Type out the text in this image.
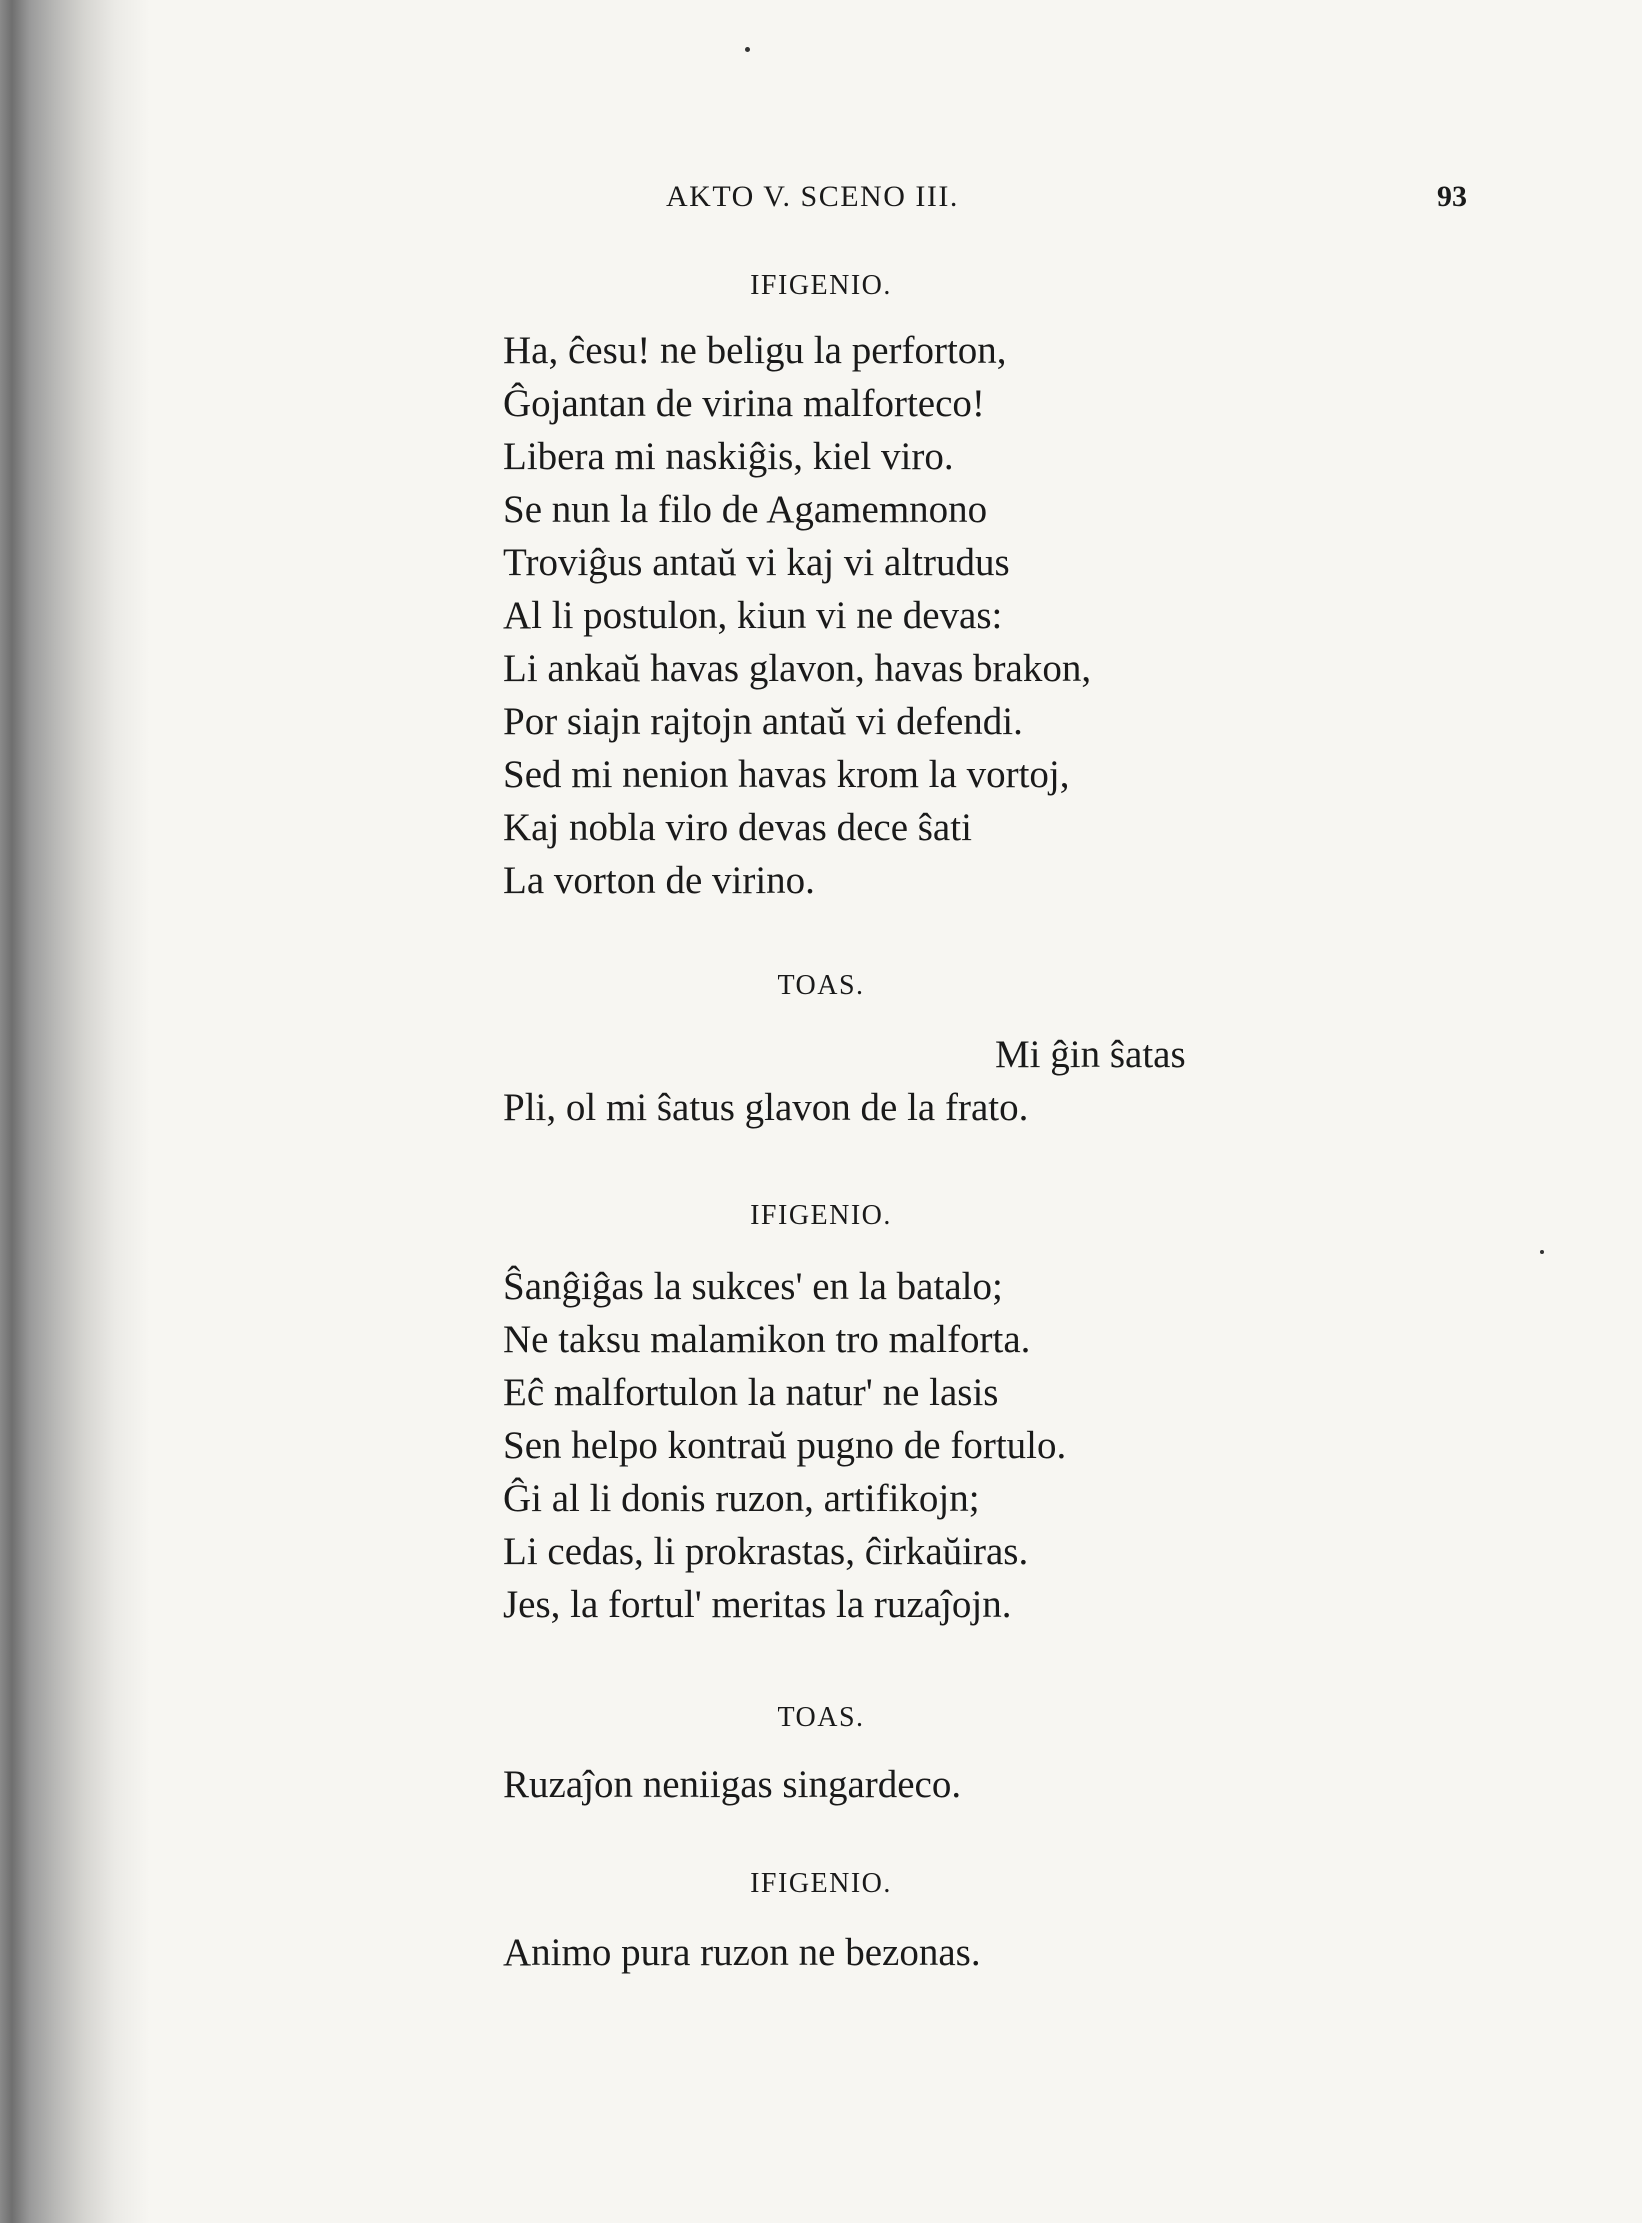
AKTO V. SCENO III.	93
IFIGENIO.
Ha, ĉesu! ne beligu la perforton,
Ĝojantan de virina malforteco!
Libera mi naskiĝis, kiel viro.
Se nun la filo de Agamemnono
Troviĝus antaŭ vi kaj vi altrudus
Al li postulon, kiun vi ne devas:
Li ankaŭ havas glavon, havas brakon,
Por siajn rajtojn antaŭ vi defendi.
Sed mi nenion havas krom la vortoj,
Kaj nobla viro devas dece ŝati
La vorton de virino.
TOAS.
Mi ĝin ŝatas
Pli, ol mi ŝatus glavon de la frato.
IFIGENIO.
Ŝanĝiĝas la sukces' en la batalo;
Ne taksu malamikon tro malforta.
Eĉ malfortulon la natur' ne lasis
Sen helpo kontraŭ pugno de fortulo.
Ĝi al li donis ruzon, artifikojn;
Li cedas, li prokrastas, ĉirkaŭiras.
Jes, la fortul' meritas la ruzaĵojn.
TOAS.
Ruzaĵon neniigas singardeco.
IFIGENIO.
Animo pura ruzon ne bezonas.
